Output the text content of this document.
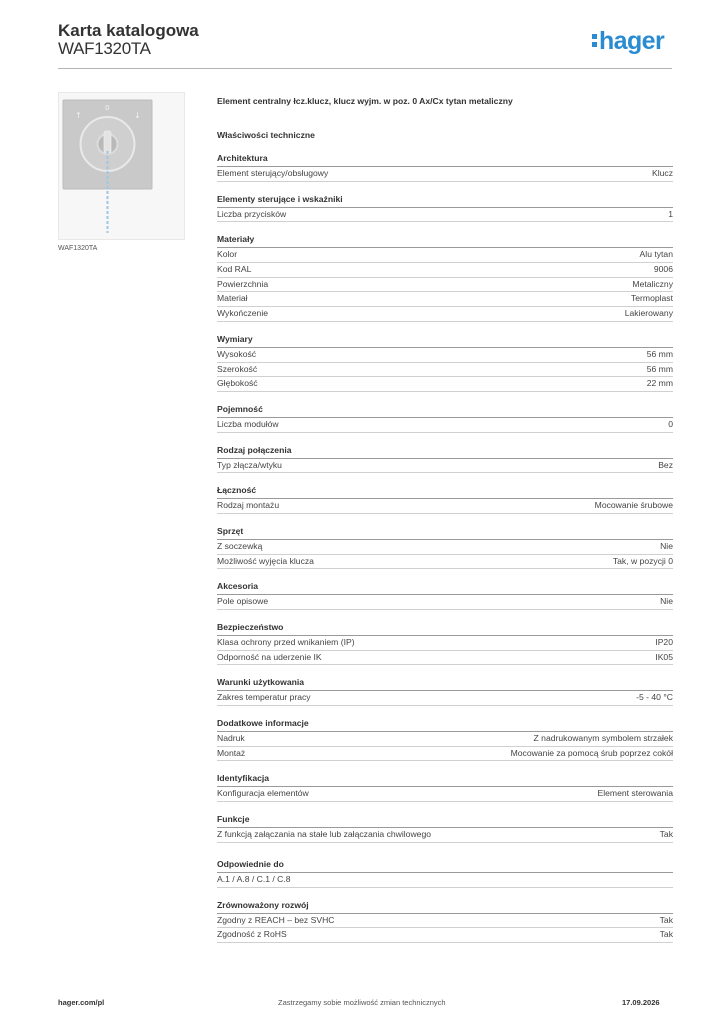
Karta katalogowa
WAF1320TA	hager
↑
0
↓
WAF1320TA
Element centralny łcz.klucz, klucz wyjm. w poz. 0 Ax/Cx tytan metaliczny
Właściwości techniczne
Architektura
Element sterujący/obsługowy	Klucz
Elementy sterujące i wskaźniki
Liczba przycisków	1
Materiały
Kolor	Alu tytan
Kod RAL	9006
Powierzchnia	Metaliczny
Materiał	Termoplast
Wykończenie	Lakierowany
Wymiary
Wysokość	56 mm
Szerokość	56 mm
Głębokość	22 mm
Pojemność
Liczba modułów	0
Rodzaj połączenia
Typ złącza/wtyku	Bez
Łączność
Rodzaj montażu	Mocowanie śrubowe
Sprzęt
Z soczewką	Nie
Możliwość wyjęcia klucza	Tak, w pozycji 0
Akcesoria
Pole opisowe	Nie
Bezpieczeństwo
Klasa ochrony przed wnikaniem (IP)	IP20
Odporność na uderzenie IK	IK05
Warunki użytkowania
Zakres temperatur pracy	-5 - 40 °C
Dodatkowe informacje
Nadruk	Z nadrukowanym symbolem strzałek
Montaż	Mocowanie za pomocą śrub poprzez cokół
Identyfikacja
Konfiguracja elementów	Element sterowania
Funkcje
Z funkcją załączania na stałe lub załączania chwilowego	Tak
Odpowiednie do
A.1 / A.8 / C.1 / C.8
Zrównoważony rozwój
Zgodny z REACH – bez SVHC	Tak
Zgodność z RoHS	Tak
hager.com/pl	Zastrzegamy sobie możliwość zmian technicznych	17.09.2026
